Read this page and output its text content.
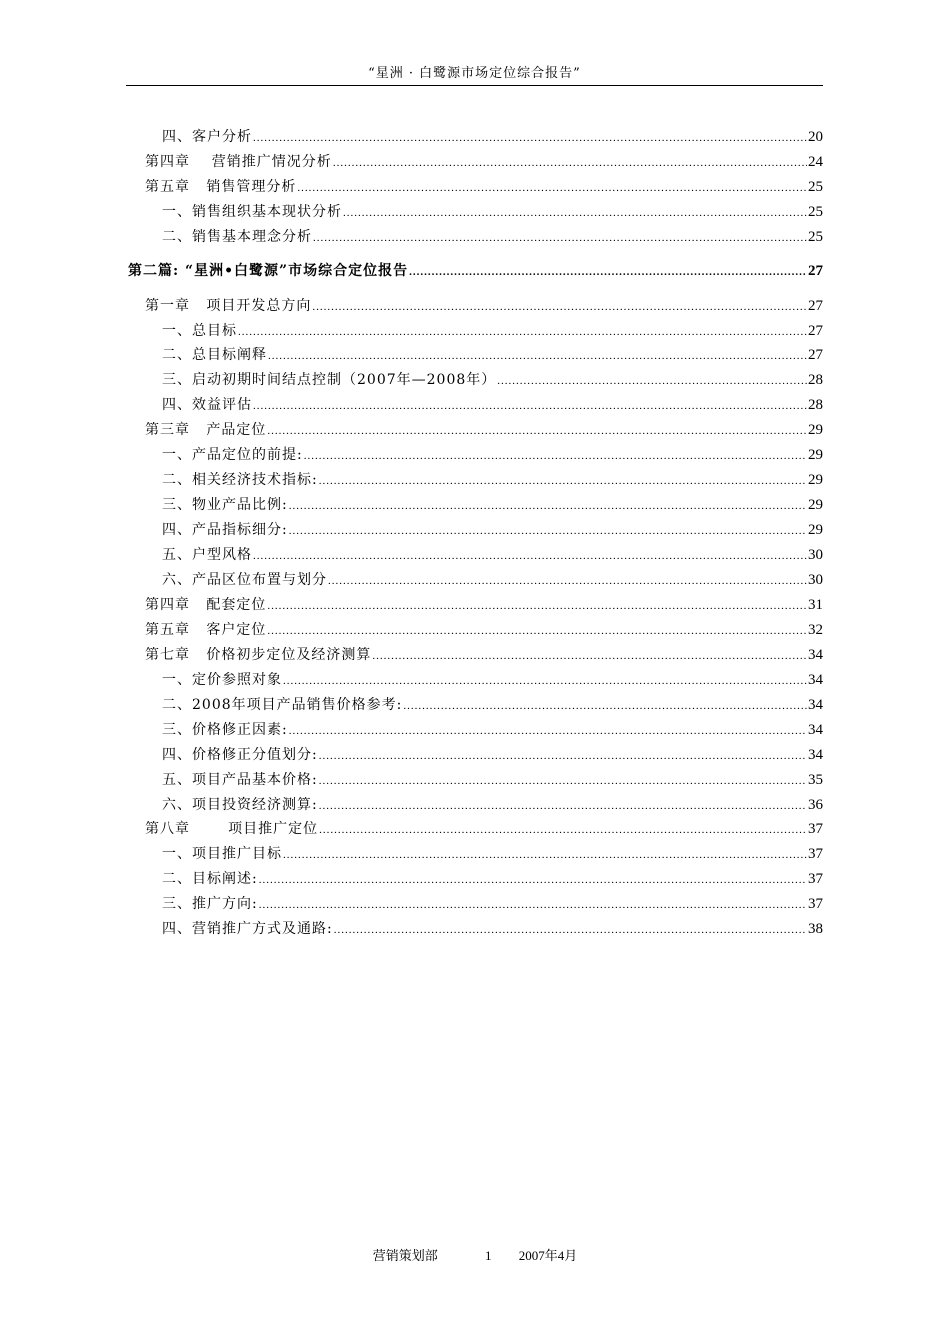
“星洲 · 白鹭源市场定位综合报告”
四、客户分析 .....	20
第四章    营销推广情况分析 .....	24
第五章   销售管理分析 .....	25
一、销售组织基本现状分析 .....	25
二、销售基本理念分析 .....	25
第二篇: “星洲•白鹭源”市场综合定位报告 .....	27
第一章   项目开发总方向 .....	27
一、总目标 .....	27
二、总目标阐释 .....	27
三、启动初期时间结点控制（2007年—2008年） .....	28
四、效益评估 .....	28
第三章   产品定位 .....	29
一、产品定位的前提: .....	29
二、相关经济技术指标: .....	29
三、物业产品比例: .....	29
四、产品指标细分: .....	29
五、户型风格 .....	30
六、产品区位布置与划分 .....	30
第四章   配套定位 .....	31
第五章   客户定位 .....	32
第七章   价格初步定位及经济测算 .....	34
一、定价参照对象 .....	34
二、2008年项目产品销售价格参考: .....	34
三、价格修正因素: .....	34
四、价格修正分值划分: .....	34
五、项目产品基本价格: .....	35
六、项目投资经济测算: .....	36
第八章       项目推广定位 .....	37
一、项目推广目标 .....	37
二、目标阐述: .....	37
三、推广方向: .....	37
四、营销推广方式及通路: .....	38
营销策划部	1 2007年4月
